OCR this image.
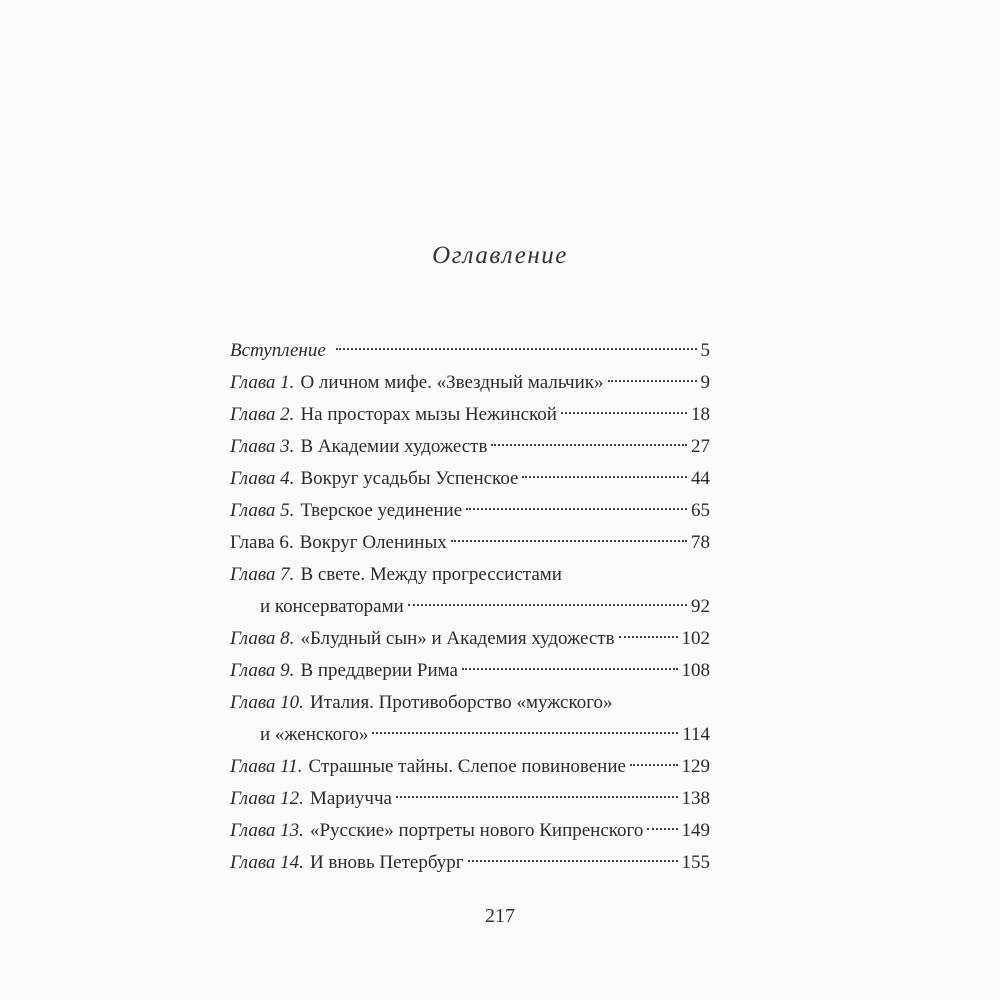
Оглавление
Вступление	5
Глава 1. О личном мифе. «Звездный мальчик»	9
Глава 2. На просторах мызы Нежинской	18
Глава 3. В Академии художеств	27
Глава 4. Вокруг усадьбы Успенское	44
Глава 5. Тверское уединение	65
Глава 6. Вокруг Олениных	78
Глава 7. В свете. Между прогрессистами
и консерваторами	92
Глава 8. «Блудный сын» и Академия художеств	102
Глава 9. В преддверии Рима	108
Глава 10. Италия. Противоборство «мужского»
и «женского»	114
Глава 11. Страшные тайны. Слепое повиновение	129
Глава 12. Мариучча	138
Глава 13. «Русские» портреты нового Кипренского 149
Глава 14. И вновь Петербург	155
217
